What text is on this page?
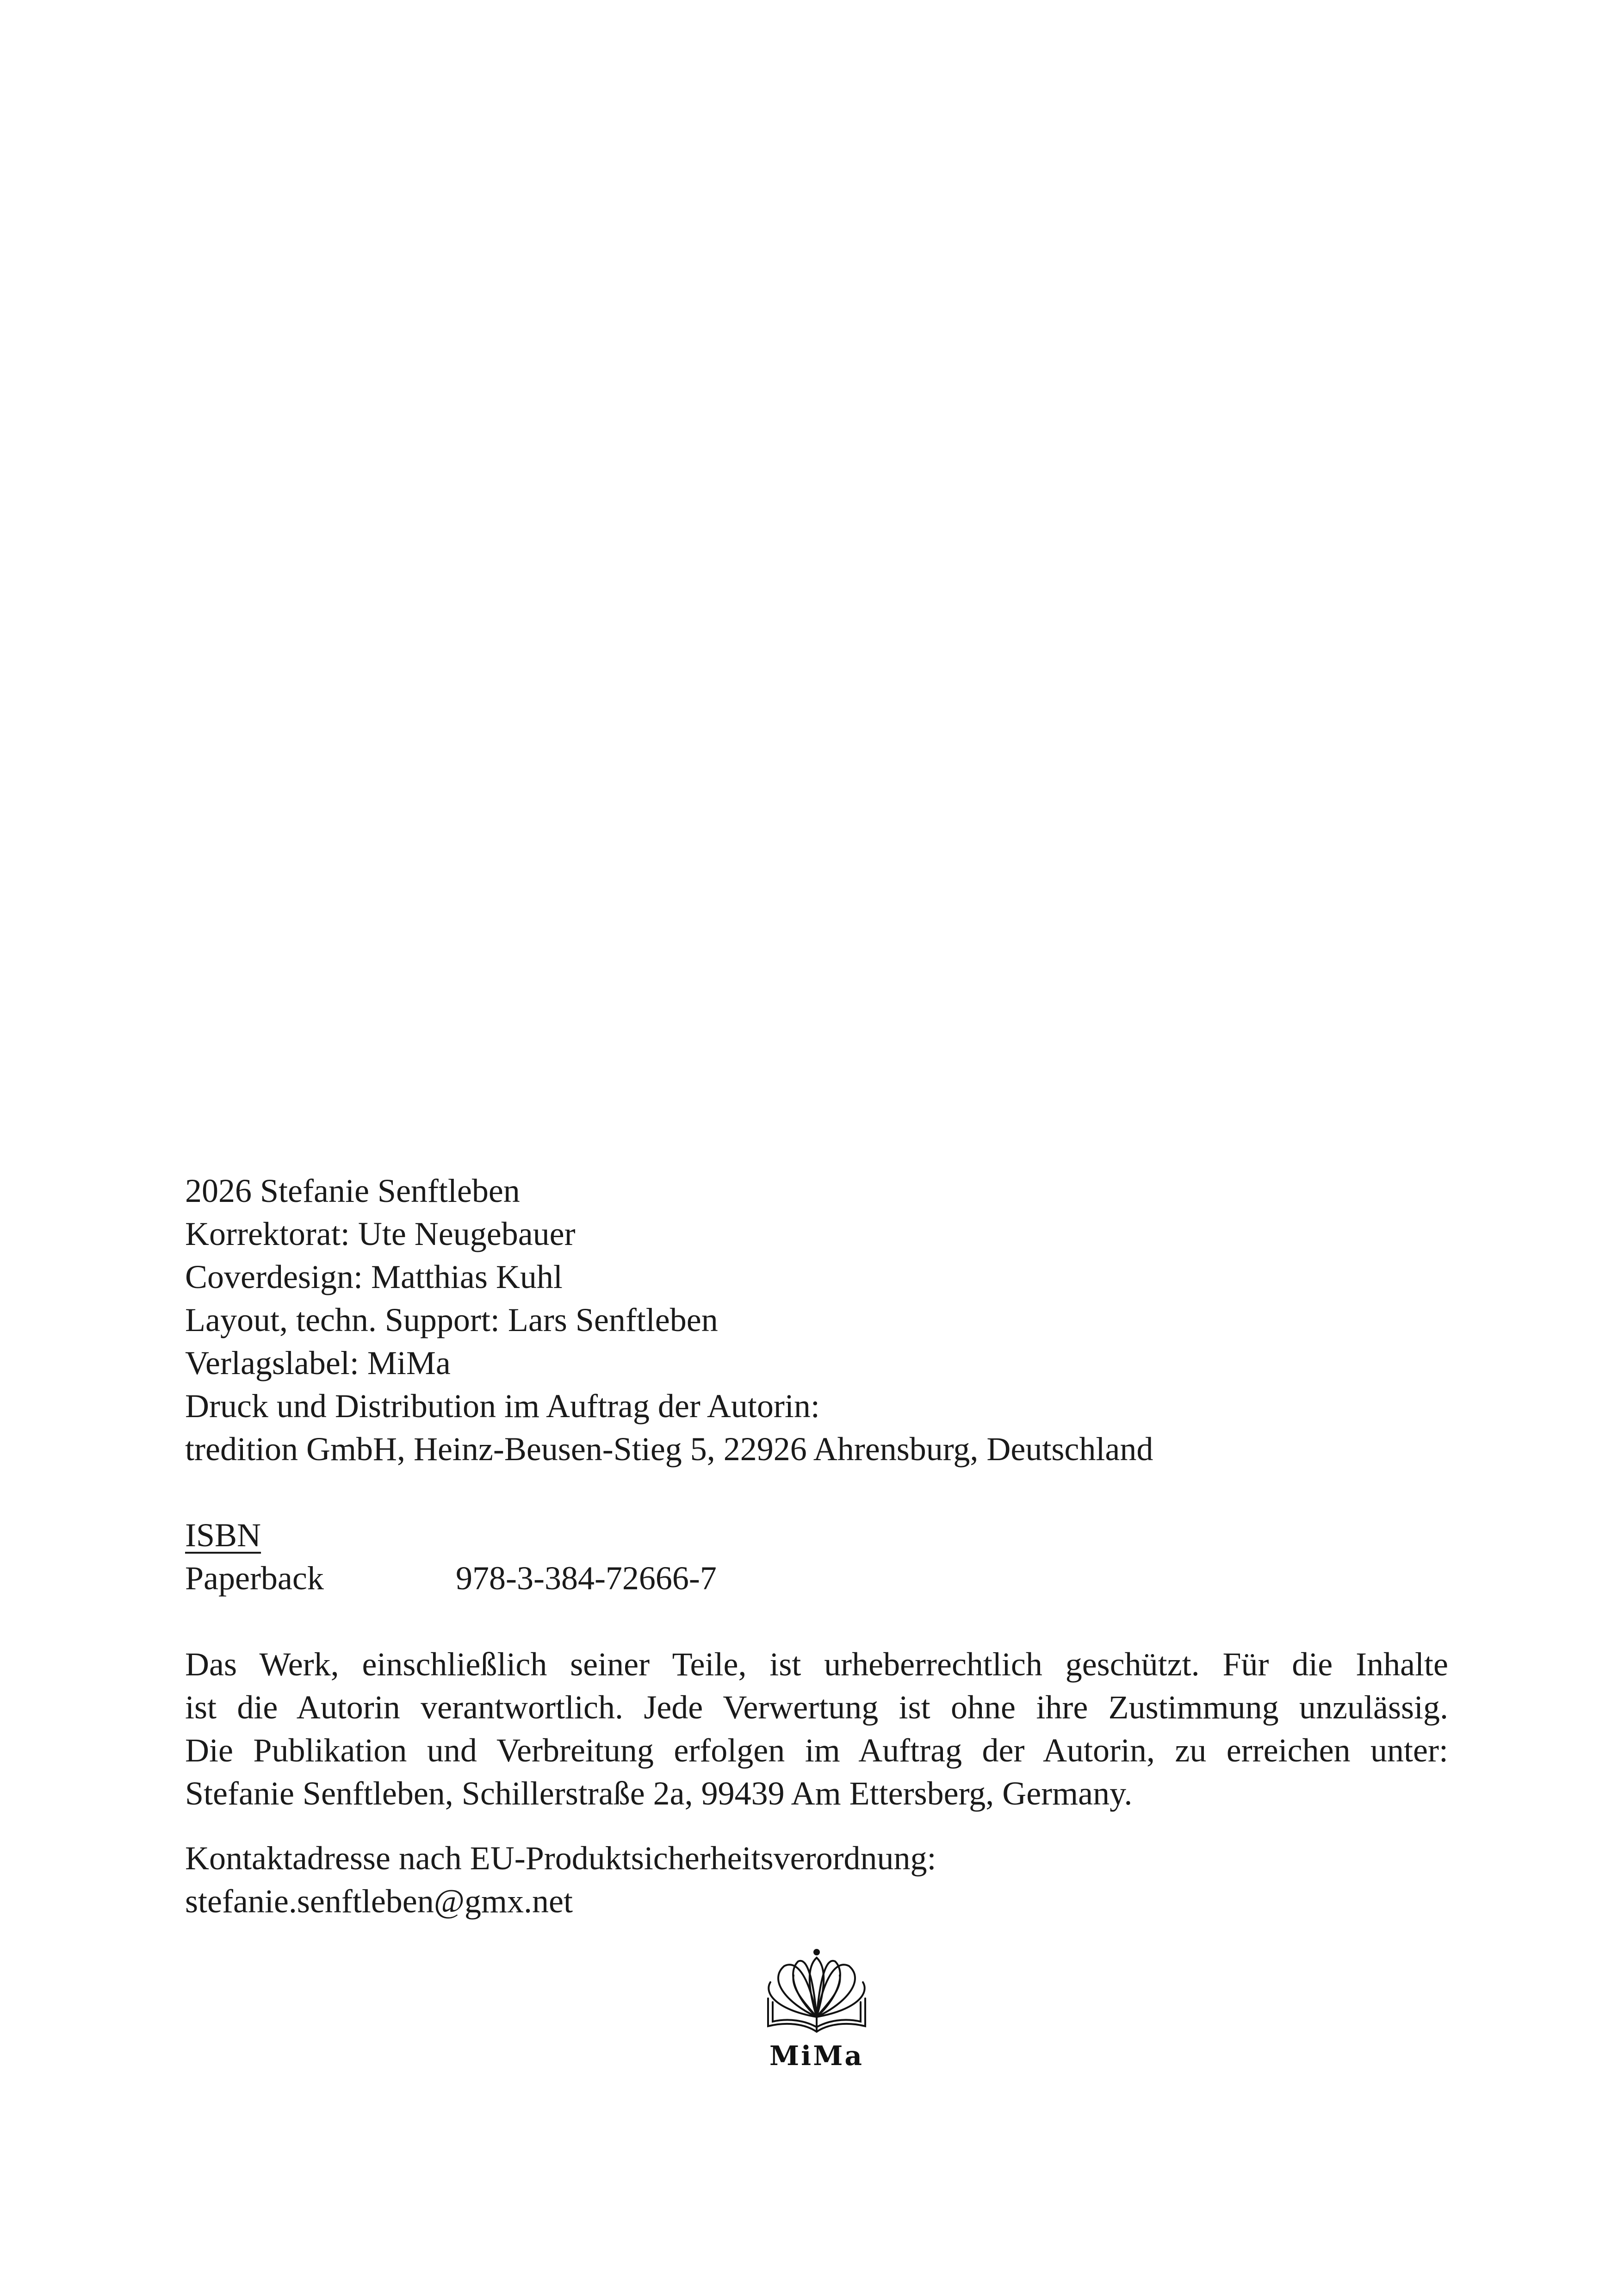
2026 Stefanie Senftleben
Korrektorat: Ute Neugebauer
Coverdesign: Matthias Kuhl
Layout, techn. Support: Lars Senftleben
Verlagslabel: MiMa
Druck und Distribution im Auftrag der Autorin:
tredition GmbH, Heinz-Beusen-Stieg 5, 22926 Ahrensburg, Deutschland
ISBN
Paperback	978-3-384-72666-7
Das Werk, einschließlich seiner Teile, ist urheberrechtlich geschützt. Für die Inhalte
ist die Autorin verantwortlich. Jede Verwertung ist ohne ihre Zustimmung unzulässig.
Die Publikation und Verbreitung erfolgen im Auftrag der Autorin, zu erreichen unter:
Stefanie Senftleben, Schillerstraße 2a, 99439 Am Ettersberg, Germany.
Kontaktadresse nach EU-Produktsicherheitsverordnung:
stefanie.senftleben@gmx.net
MiMa
